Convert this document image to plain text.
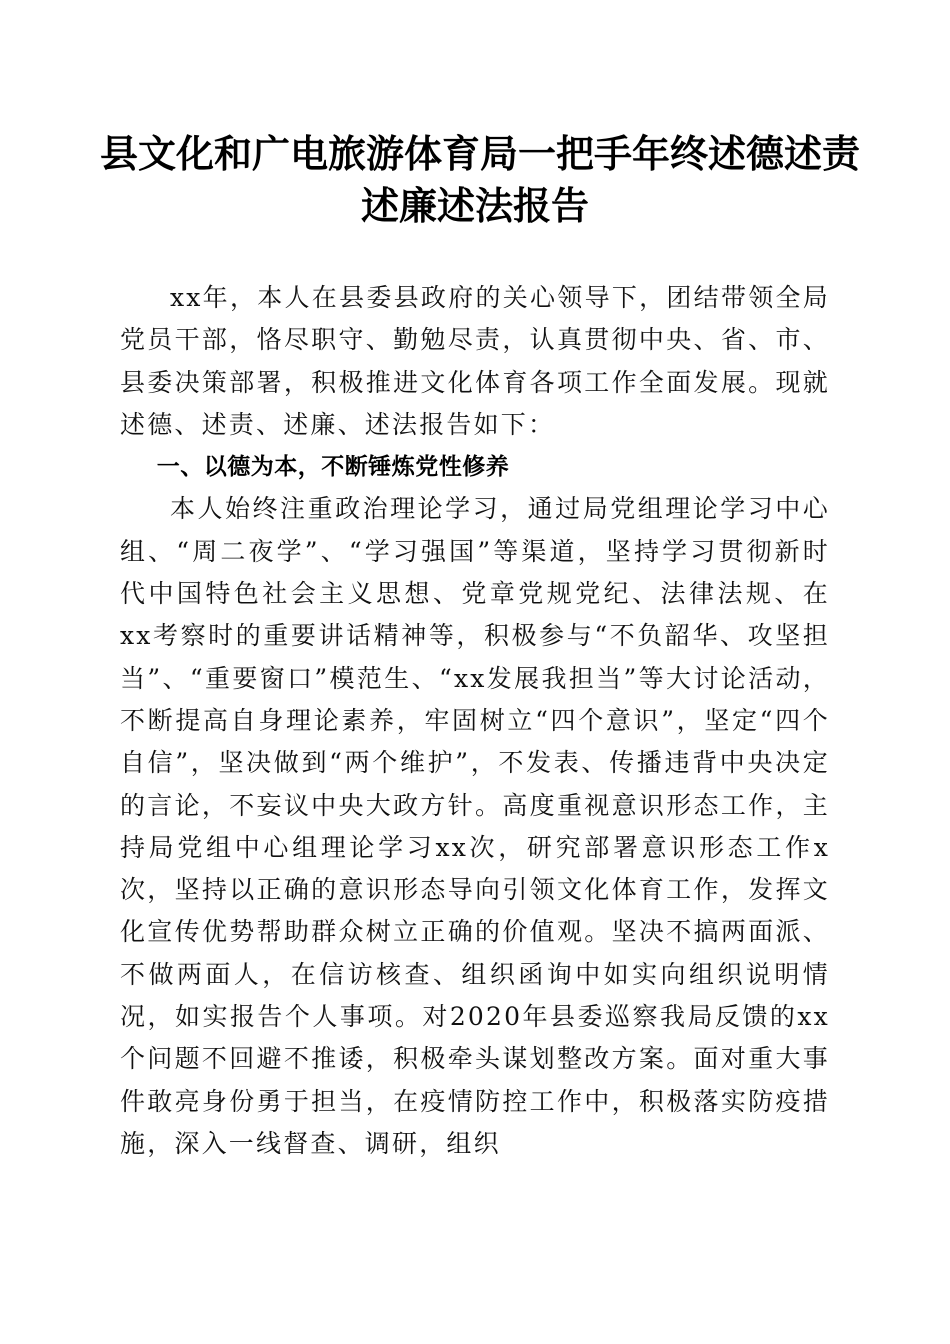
县文化和广电旅游体育局一把手年终述德述责
述廉述法报告

xx年，本人在县委县政府的关心领导下，团结带领全局党员干部，恪尽职守、勤勉尽责，认真贯彻中央、省、市、县委决策部署，积极推进文化体育各项工作全面发展。现就述德、述责、述廉、述法报告如下：

一、以德为本，不断锤炼党性修养

本人始终注重政治理论学习，通过局党组理论学习中心组、“周二夜学”、“学习强国”等渠道，坚持学习贯彻新时代中国特色社会主义思想、党章党规党纪、法律法规、在xx考察时的重要讲话精神等，积极参与“不负韶华、攻坚担当”、“重要窗口”模范生、“xx发展我担当”等大讨论活动，不断提高自身理论素养，牢固树立“四个意识”，坚定“四个自信”，坚决做到“两个维护”，不发表、传播违背中央决定的言论，不妄议中央大政方针。高度重视意识形态工作，主持局党组中心组理论学习xx次，研究部署意识形态工作x次，坚持以正确的意识形态导向引领文化体育工作，发挥文化宣传优势帮助群众树立正确的价值观。坚决不搞两面派、不做两面人，在信访核查、组织函询中如实向组织说明情况，如实报告个人事项。对2020年县委巡察我局反馈的xx个问题不回避不推诿，积极牵头谋划整改方案。面对重大事件敢亮身份勇于担当，在疫情防控工作中，积极落实防疫措施，深入一线督查、调研，组织
